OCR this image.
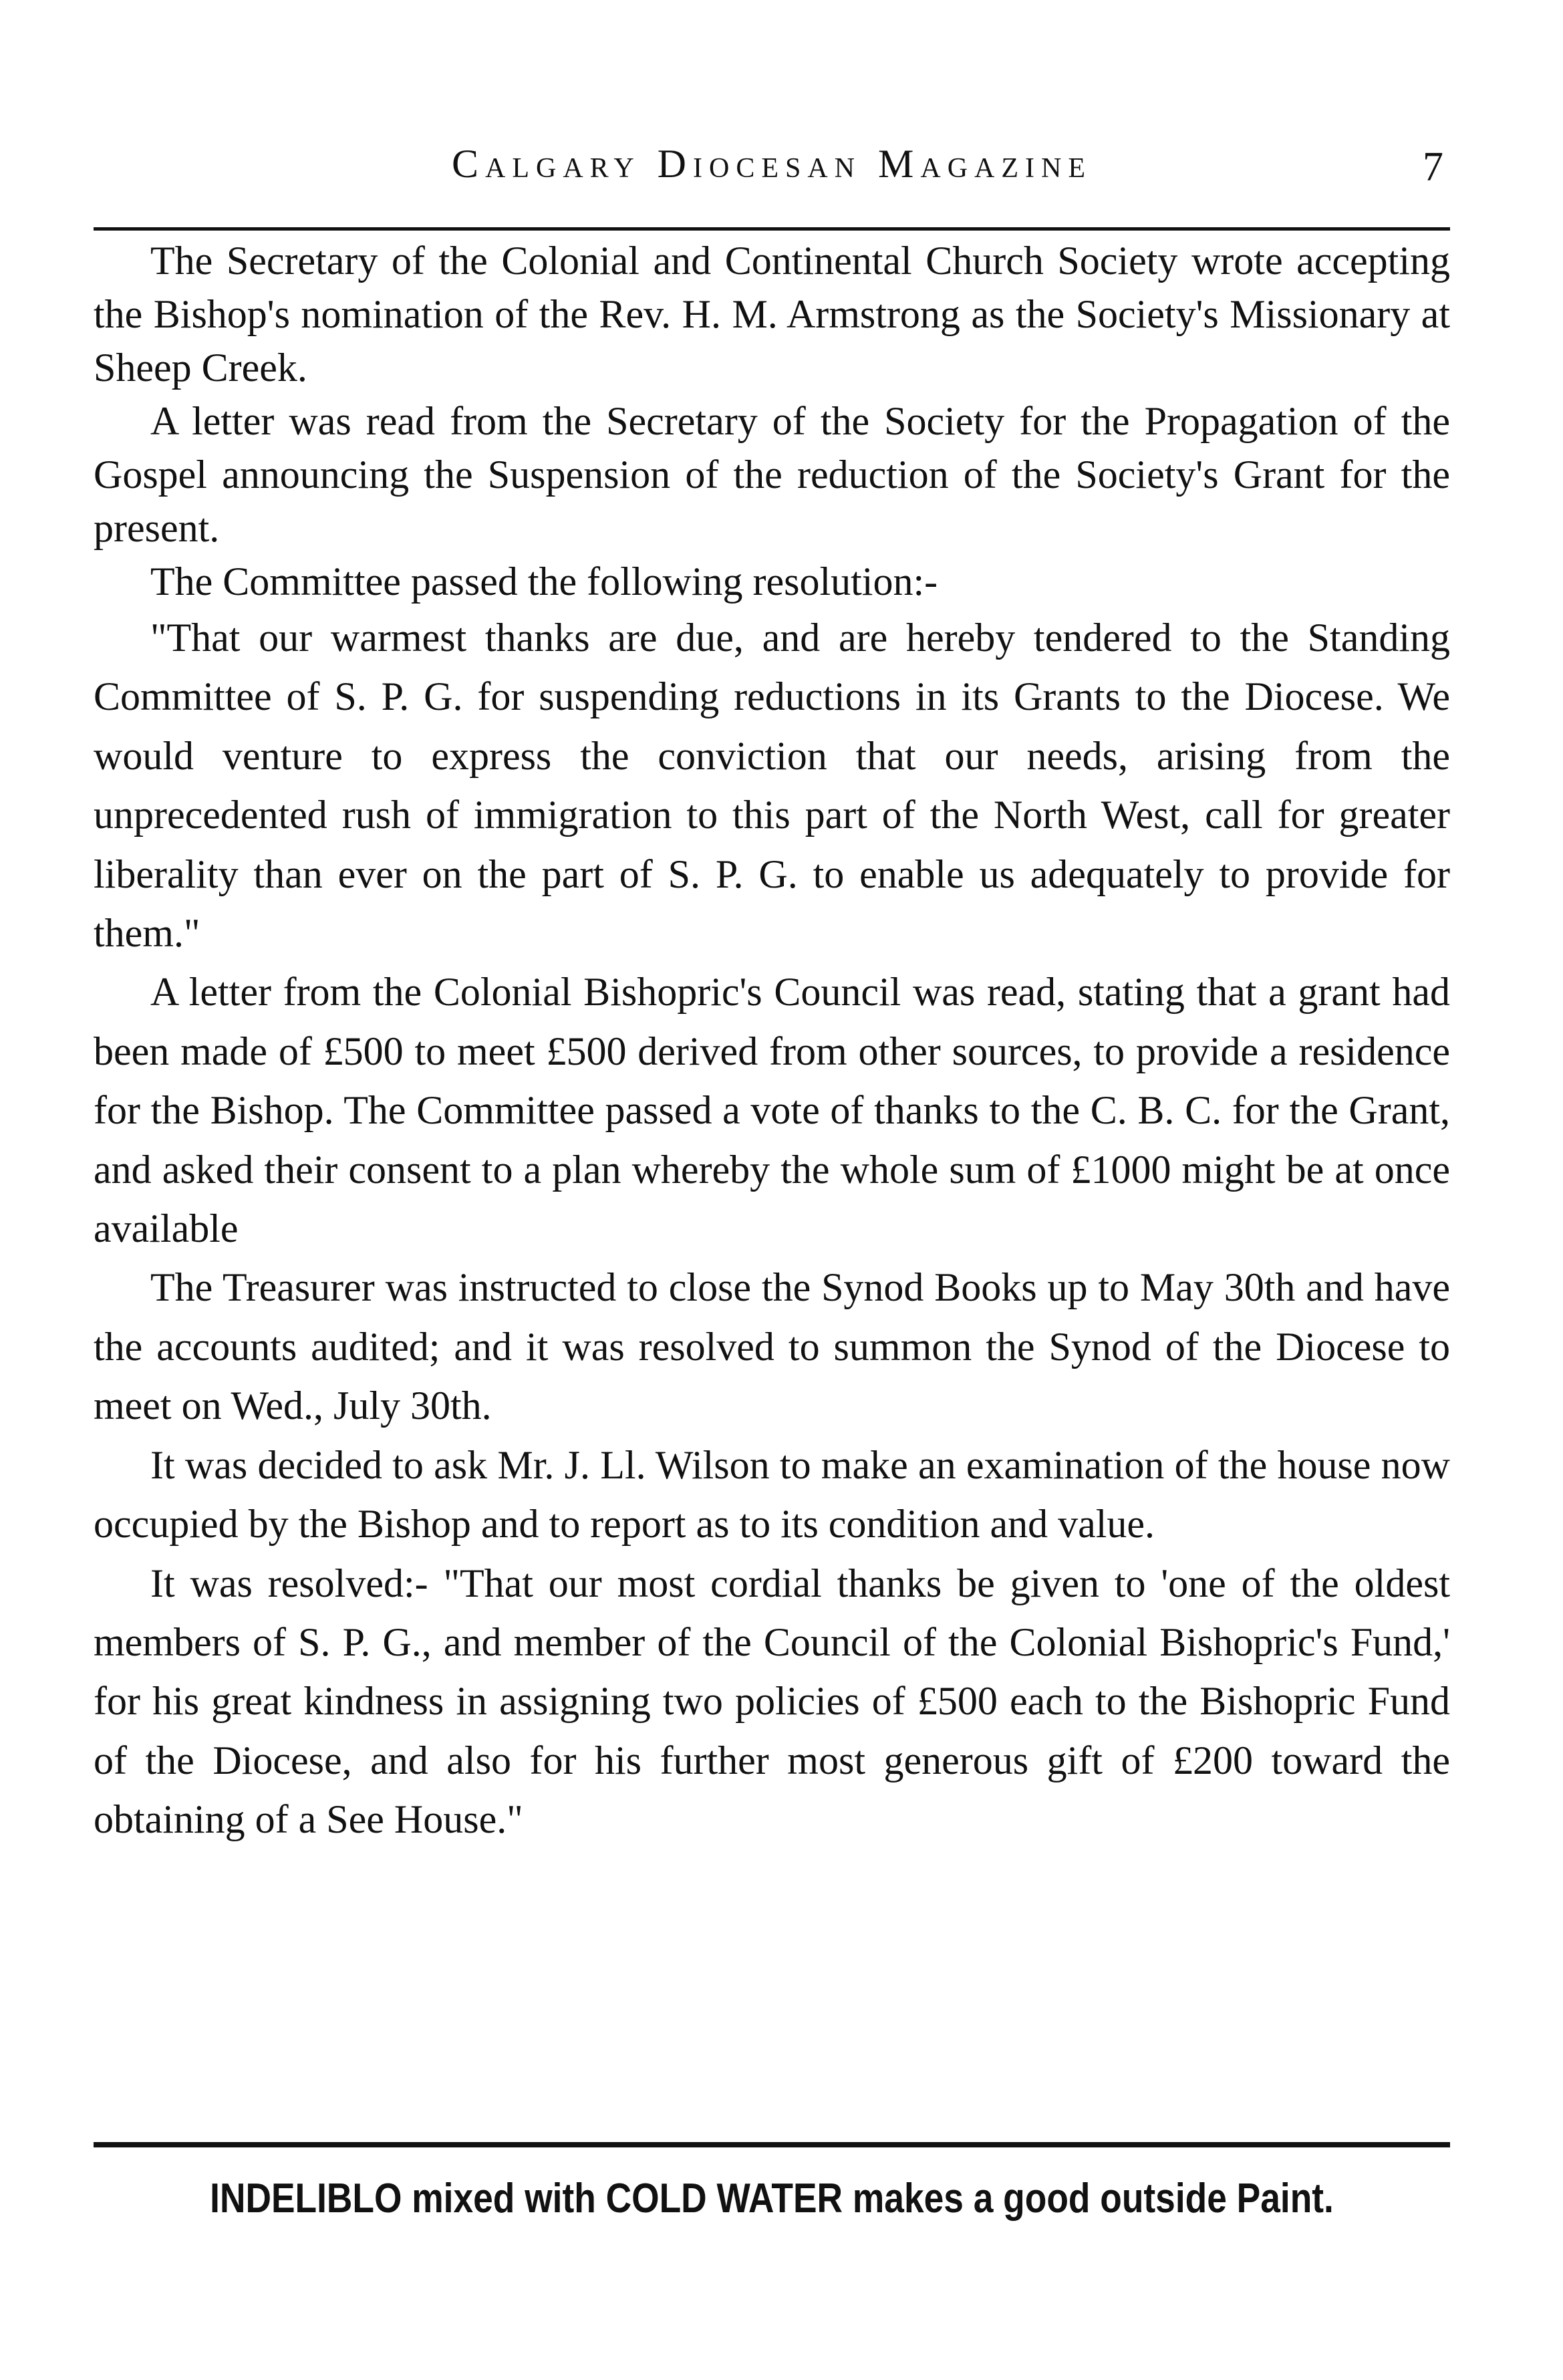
Calgary Diocesan Magazine	7

The Secretary of the Colonial and Continental Church Society wrote accepting the Bishop's nomination of the Rev. H. M. Armstrong as the Society's Missionary at Sheep Creek.

A letter was read from the Secretary of the Society for the Propagation of the Gospel announcing the Suspension of the reduction of the Society's Grant for the present.

The Committee passed the following resolution:-

"That our warmest thanks are due, and are hereby tendered to the Standing Committee of S. P. G. for suspending reductions in its Grants to the Diocese. We would venture to express the conviction that our needs, arising from the unprecedented rush of immigration to this part of the North West, call for greater liberality than ever on the part of S. P. G. to enable us adequately to provide for them."

A letter from the Colonial Bishopric's Council was read, stating that a grant had been made of £500 to meet £500 derived from other sources, to provide a residence for the Bishop. The Committee passed a vote of thanks to the C. B. C. for the Grant, and asked their consent to a plan whereby the whole sum of £1000 might be at once available

The Treasurer was instructed to close the Synod Books up to May 30th and have the accounts audited; and it was resolved to summon the Synod of the Diocese to meet on Wed., July 30th.

It was decided to ask Mr. J. Ll. Wilson to make an examination of the house now occupied by the Bishop and to report as to its condition and value.

It was resolved:- "That our most cordial thanks be given to 'one of the oldest members of S. P. G., and member of the Council of the Colonial Bishopric's Fund,' for his great kindness in assigning two policies of £500 each to the Bishopric Fund of the Diocese, and also for his further most generous gift of £200 toward the obtaining of a See House."

INDELIBLO mixed with COLD WATER makes a good outside Paint.
